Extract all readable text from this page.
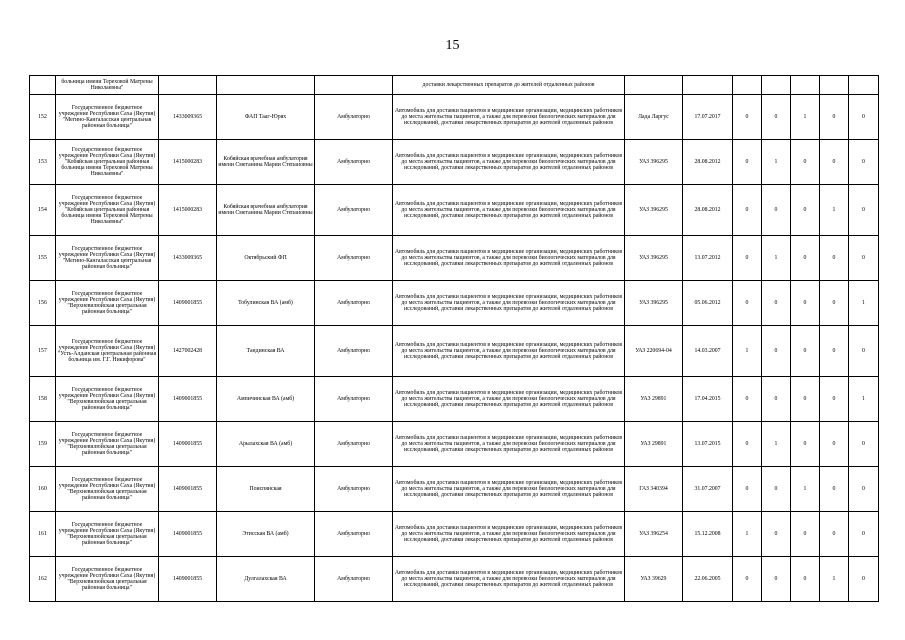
15
	больница имени Тереховой Матрены Николаевны"				доставки лекарственных препаратов до жителей отдаленных районов							
152	Государственное бюджетное учреждение Республики Саха (Якутия) "Мегино-Кангаласская центральная районная больница"	1433009365	ФАП Тааг-Юрях	Амбулаторно	Автомобиль для доставки пациентов в медицинские организации, медицинских работников до места жительства пациентов, а также для перевозки биологических материалов для исследований, доставки лекарственных препаратов до жителей отдаленных районов	Лада Ларгус	17.07.2017	0	0	1	0	0
153	Государственное бюджетное учреждение Республики Саха (Якутия) "Кобяйская центральная районная больница имени Тереховой Матрены Николаевны"	1415000283	Кобяйская врачебная амбулатория имени Сметанина Марии Степановны	Амбулаторно	Автомобиль для доставки пациентов в медицинские организации, медицинских работников до места жительства пациентов, а также для перевозки биологических материалов для исследований, доставки лекарственных препаратов до жителей отдаленных районов	УАЗ 396295	28.08.2012	0	1	0	0	0
154	Государственное бюджетное учреждение Республики Саха (Якутия) "Кобяйская центральная районная больница имени Тереховой Матрены Николаевны"	1415000283	Кобяйская врачебная амбулатория имени Сметанина Марии Степановны	Амбулаторно	Автомобиль для доставки пациентов в медицинские организации, медицинских работников до места жительства пациентов, а также для перевозки биологических материалов для исследований, доставки лекарственных препаратов до жителей отдаленных районов	УАЗ 396295	28.08.2012	0	0	0	1	0
155	Государственное бюджетное учреждение Республики Саха (Якутия) "Мегино-Кангаласская центральная районная больница"	1433009365	Октябрьский ФП	Амбулаторно	Автомобиль для доставки пациентов в медицинские организации, медицинских работников до места жительства пациентов, а также для перевозки биологических материалов для исследований, доставки лекарственных препаратов до жителей отдаленных районов	УАЗ 396295	13.07.2012	0	1	0	0	0
156	Государственное бюджетное учреждение Республики Саха (Якутия) "Верхневилюйская центральная районная больница"	1409001855	Тобулинская ВА (амб)	Амбулаторно	Автомобиль для доставки пациентов в медицинские организации, медицинских работников до места жительства пациентов, а также для перевозки биологических материалов для исследований, доставки лекарственных препаратов до жителей отдаленных районов	УАЗ 396295	05.06.2012	0	0	0	0	1
157	Государственное бюджетное учреждение Республики Саха (Якутия) "Усть-Алданская центральная районная больница им. Г.Г. Никифорова"	1427002428	Тандинская ВА	Амбулаторно	Автомобиль для доставки пациентов в медицинские организации, медицинских работников до места жительства пациентов, а также для перевозки биологических материалов для исследований, доставки лекарственных препаратов до жителей отдаленных районов	УАЗ 220694-04	14.03.2007	1	0	0	0	0
158	Государственное бюджетное учреждение Республики Саха (Якутия) "Верхневилюйская центральная районная больница"	1409001855	Ампичинская ВА (амб)	Амбулаторно	Автомобиль для доставки пациентов в медицинские организации, медицинских работников до места жительства пациентов, а также для перевозки биологических материалов для исследований, доставки лекарственных препаратов до жителей отдаленных районов	УАЗ 29891	17.04.2015	0	0	0	0	1
159	Государственное бюджетное учреждение Республики Саха (Якутия) "Верхневилюйская центральная районная больница"	1409001855	Арылахская ВА (амб)	Амбулаторно	Автомобиль для доставки пациентов в медицинские организации, медицинских работников до места жительства пациентов, а также для перевозки биологических материалов для исследований, доставки лекарственных препаратов до жителей отдаленных районов	УАЗ 29891	13.07.2015	0	1	0	0	0
160	Государственное бюджетное учреждение Республики Саха (Якутия) "Верхневилюйская центральная районная больница"	1409001855	Поиспянская	Амбулаторно	Автомобиль для доставки пациентов в медицинские организации, медицинских работников до места жительства пациентов, а также для перевозки биологических материалов для исследований, доставки лекарственных препаратов до жителей отдаленных районов	ГАЗ 340394	31.07.2007	0	0	1	0	0
161	Государственное бюджетное учреждение Республики Саха (Якутия) "Верхневилюйская центральная районная больница"	1409001855	Этисская ВА (амб)	Амбулаторно	Автомобиль для доставки пациентов в медицинские организации, медицинских работников до места жительства пациентов, а также для перевозки биологических материалов для исследований, доставки лекарственных препаратов до жителей отдаленных районов	УАЗ 396254	15.12.2008	1	0	0	0	0
162	Государственное бюджетное учреждение Республики Саха (Якутия) "Верхневилюйская центральная районная больница"	1409001855	Дулгалахская ВА	Амбулаторно	Автомобиль для доставки пациентов в медицинские организации, медицинских работников до места жительства пациентов, а также для перевозки биологических материалов для исследований, доставки лекарственных препаратов до жителей отдаленных районов	УАЗ 39629	22.06.2005	0	0	0	1	0
